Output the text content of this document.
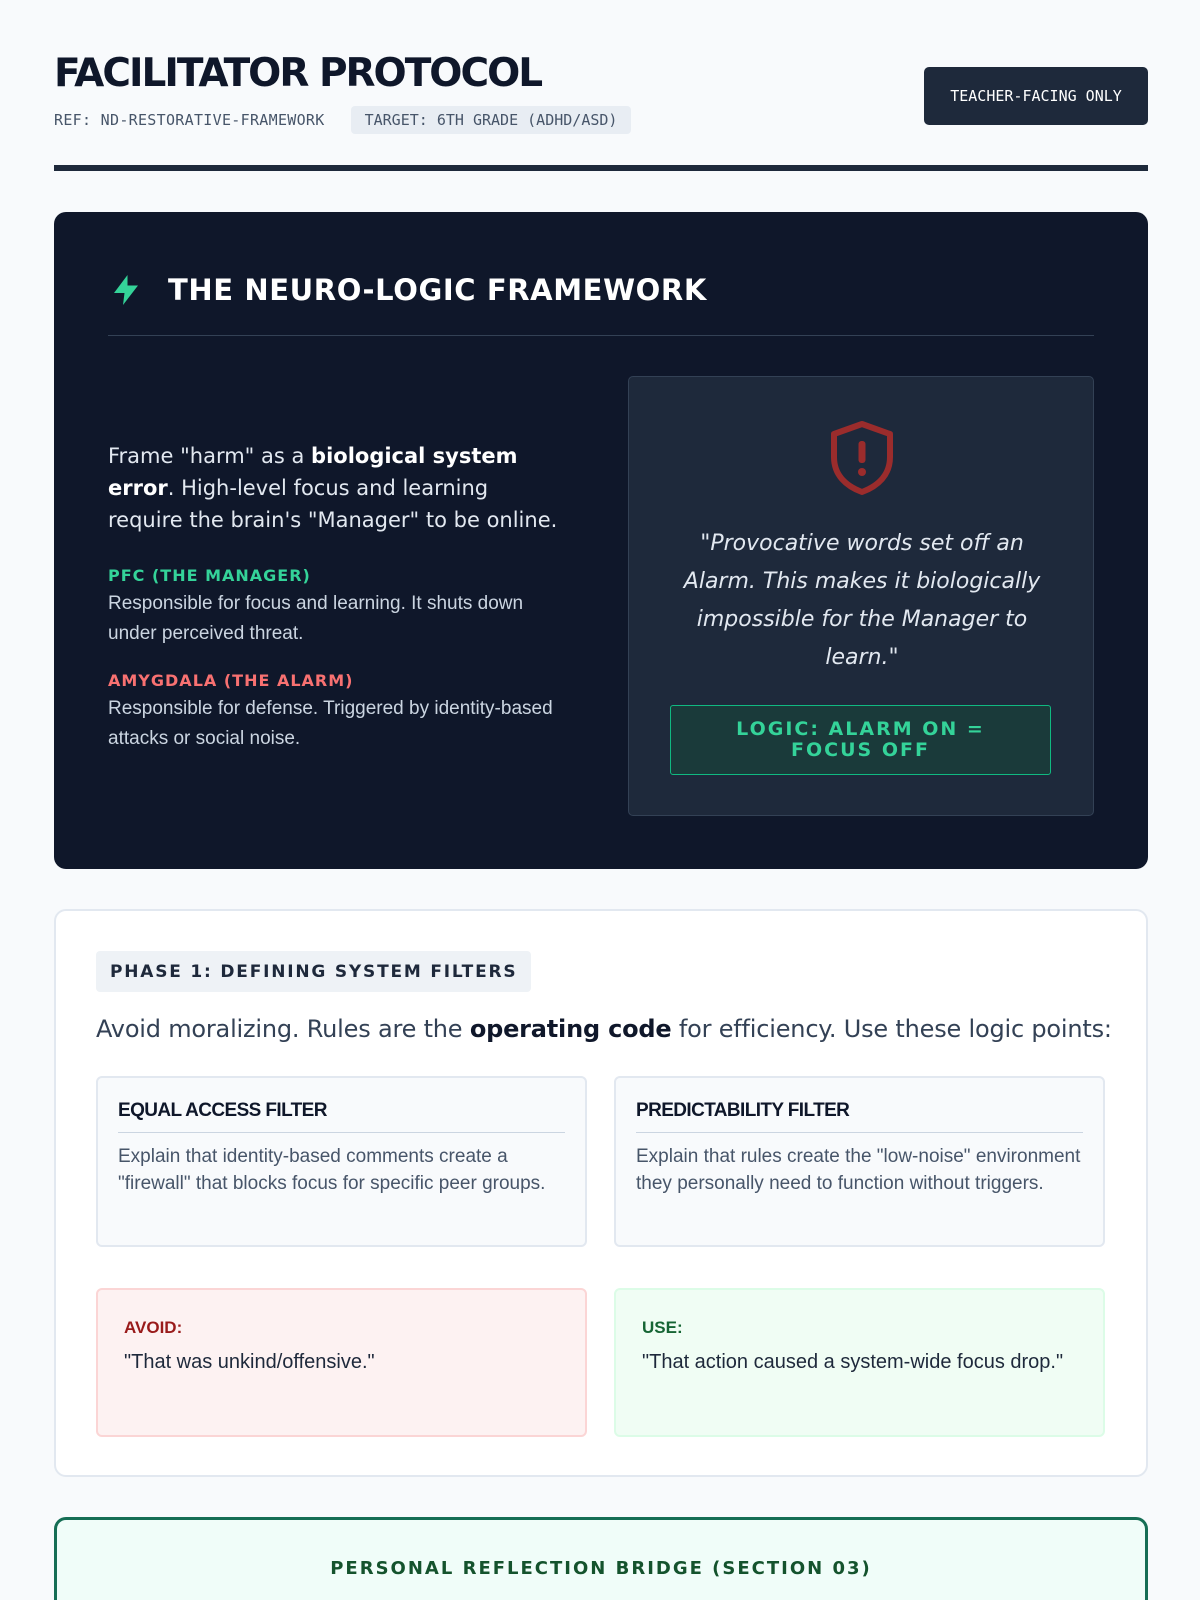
FACILITATOR PROTOCOL
REF: ND-RESTORATIVE-FRAMEWORK	TARGET: 6TH GRADE (ADHD/ASD)
TEACHER-FACING ONLY
THE NEURO-LOGIC FRAMEWORK

Frame "harm" as a biological system error. High-level focus and learning require the brain's "Manager" to be online.

PFC (THE MANAGER)

Responsible for focus and learning. It shuts down under perceived threat.

AMYGDALA (THE ALARM)

Responsible for defense. Triggered by identity-based attacks or social noise.

"Provocative words set off an Alarm. This makes it biologically impossible for the Manager to learn."

LOGIC: ALARM ON = FOCUS OFF
PHASE 1: DEFINING SYSTEM FILTERS

Avoid moralizing. Rules are the operating code for efficiency. Use these logic points:

EQUAL ACCESS FILTER

Explain that identity-based comments create a "firewall" that blocks focus for specific peer groups.

PREDICTABILITY FILTER

Explain that rules create the "low-noise" environment they personally need to function without triggers.

AVOID:

"That was unkind/offensive."

USE:

"That action caused a system-wide focus drop."

PERSONAL REFLECTION BRIDGE (SECTION 03)
